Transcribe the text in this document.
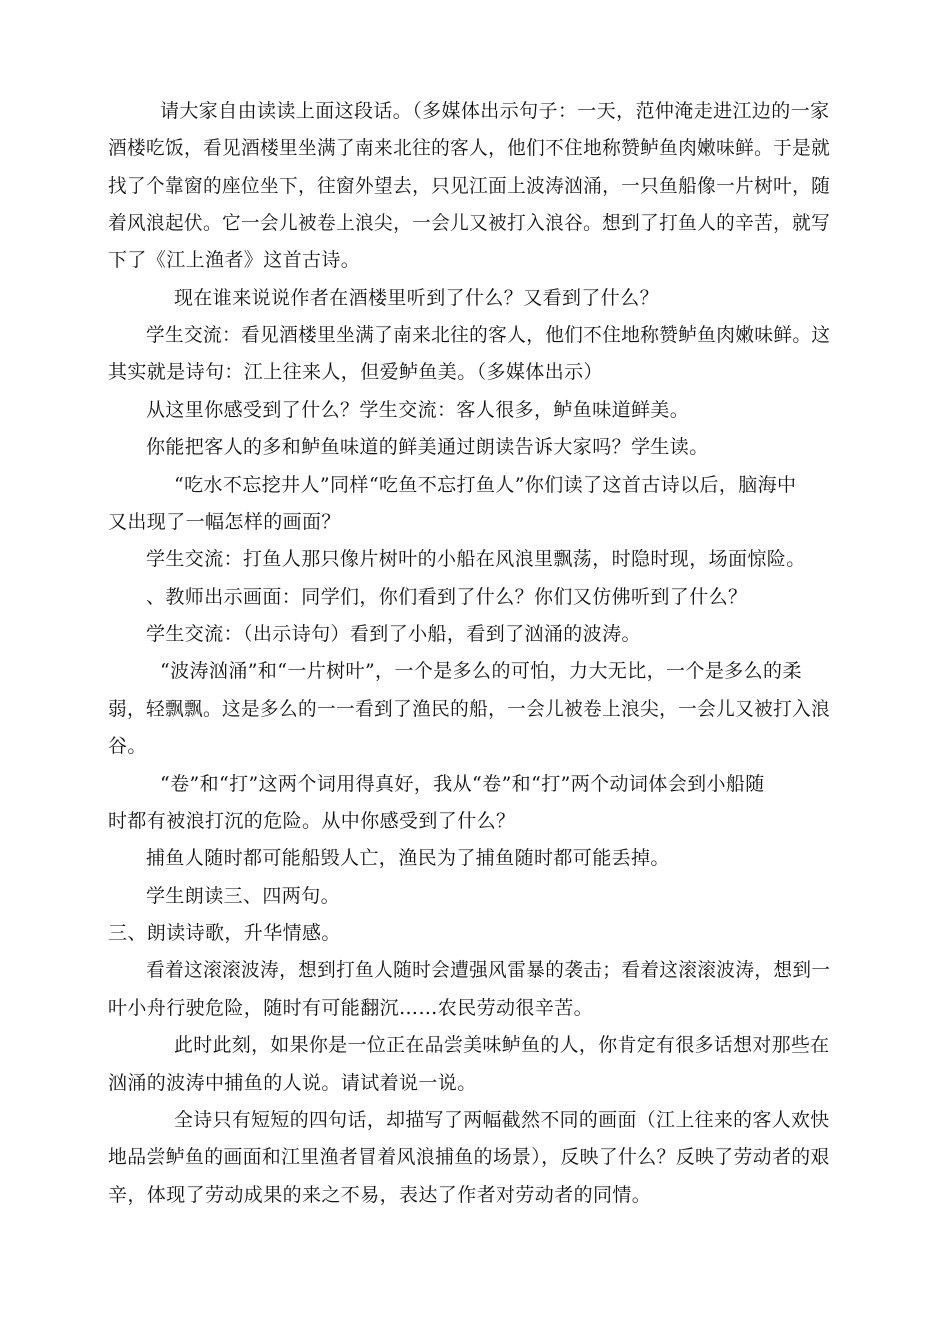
请大家自由读读上面这段话。（多媒体出示句子：一天，范仲淹走进江边的一家
酒楼吃饭，看见酒楼里坐满了南来北往的客人，他们不住地称赞鲈鱼肉嫩味鲜。于是就
找了个靠窗的座位坐下，往窗外望去，只见江面上波涛汹涌，一只鱼船像一片树叶，随
着风浪起伏。它一会儿被卷上浪尖，一会儿又被打入浪谷。想到了打鱼人的辛苦，就写
下了《江上渔者》这首古诗。
现在谁来说说作者在酒楼里听到了什么？又看到了什么？
学生交流：看见酒楼里坐满了南来北往的客人，他们不住地称赞鲈鱼肉嫩味鲜。这
其实就是诗句：江上往来人，但爱鲈鱼美。（多媒体出示）
从这里你感受到了什么？学生交流：客人很多，鲈鱼味道鲜美。
你能把客人的多和鲈鱼味道的鲜美通过朗读告诉大家吗？学生读。
“吃水不忘挖井人”同样“吃鱼不忘打鱼人”你们读了这首古诗以后，脑海中
又出现了一幅怎样的画面？
学生交流：打鱼人那只像片树叶的小船在风浪里飘荡，时隐时现，场面惊险。
、教师出示画面：同学们，你们看到了什么？你们又仿佛听到了什么？
学生交流：（出示诗句）看到了小船，看到了汹涌的波涛。
“波涛汹涌”和“一片树叶”，一个是多么的可怕，力大无比，一个是多么的柔
弱，轻飘飘。这是多么的一一看到了渔民的船，一会儿被卷上浪尖，一会儿又被打入浪
谷。
“卷”和“打”这两个词用得真好，我从“卷”和“打”两个动词体会到小船随
时都有被浪打沉的危险。从中你感受到了什么？
捕鱼人随时都可能船毁人亡，渔民为了捕鱼随时都可能丢掉。
学生朗读三、四两句。
三、朗读诗歌，升华情感。
看着这滚滚波涛，想到打鱼人随时会遭强风雷暴的袭击；看着这滚滚波涛，想到一
叶小舟行驶危险，随时有可能翻沉……农民劳动很辛苦。
此时此刻，如果你是一位正在品尝美味鲈鱼的人，你肯定有很多话想对那些在
汹涌的波涛中捕鱼的人说。请试着说一说。
全诗只有短短的四句话，却描写了两幅截然不同的画面（江上往来的客人欢快
地品尝鲈鱼的画面和江里渔者冒着风浪捕鱼的场景），反映了什么？反映了劳动者的艰
辛，体现了劳动成果的来之不易，表达了作者对劳动者的同情。
